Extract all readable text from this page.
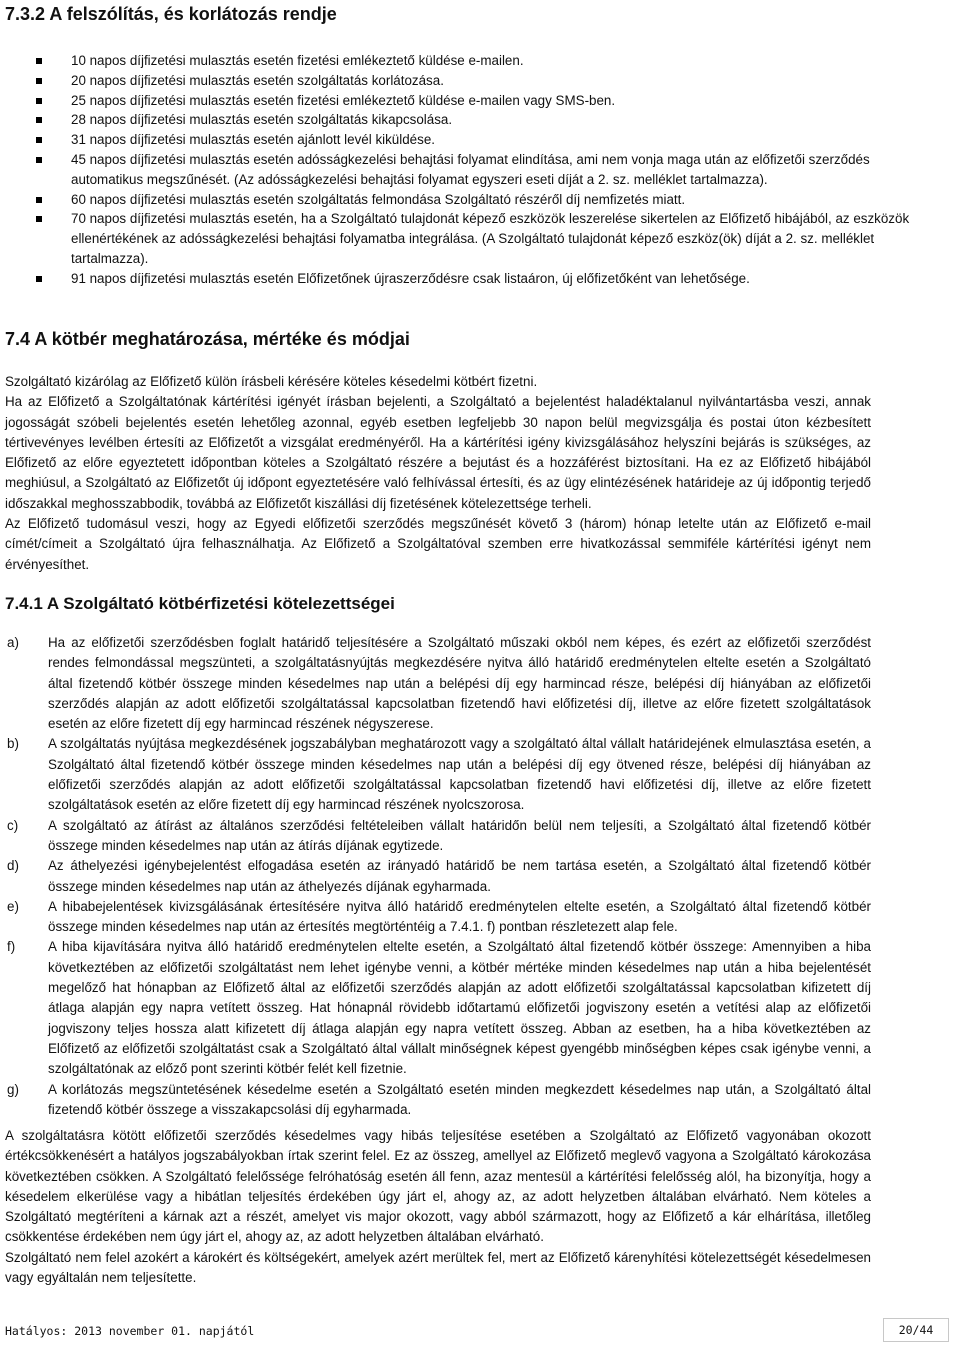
7.3.2 A felszólítás, és korlátozás rendje
10 napos díjfizetési mulasztás esetén fizetési emlékeztető küldése e-mailen.
20 napos díjfizetési mulasztás esetén szolgáltatás korlátozása.
25 napos díjfizetési mulasztás esetén fizetési emlékeztető küldése e-mailen vagy SMS-ben.
28 napos díjfizetési mulasztás esetén szolgáltatás kikapcsolása.
31 napos díjfizetési mulasztás esetén ajánlott levél kiküldése.
45 napos díjfizetési mulasztás esetén adósságkezelési behajtási folyamat elindítása, ami nem vonja maga után az előfizetői szerződés automatikus megszűnését. (Az adósságkezelési behajtási folyamat egyszeri eseti díját a 2. sz. melléklet tartalmazza).
60 napos díjfizetési mulasztás esetén szolgáltatás felmondása Szolgáltató részéről díj nemfizetés miatt.
70 napos díjfizetési mulasztás esetén, ha a Szolgáltató tulajdonát képező eszközök leszerelése sikertelen az Előfizető hibájából, az eszközök ellenértékének az adósságkezelési behajtási folyamatba integrálása. (A Szolgáltató tulajdonát képező eszköz(ök) díját a 2. sz. melléklet tartalmazza).
91 napos díjfizetési mulasztás esetén Előfizetőnek újraszerződésre csak listaáron, új előfizetőként van lehetősége.
7.4 A kötbér meghatározása, mértéke és módjai

Szolgáltató kizárólag az Előfizető külön írásbeli kérésére köteles késedelmi kötbért fizetni.

Ha az Előfizető a Szolgáltatónak kártérítési igényét írásban bejelenti, a Szolgáltató a bejelentést haladéktalanul nyilvántartásba veszi, annak jogosságát szóbeli bejelentés esetén lehetőleg azonnal, egyéb esetben legfeljebb 30 napon belül megvizsgálja és postai úton kézbesített tértivevényes levélben értesíti az Előfizetőt a vizsgálat eredményéről. Ha a kártérítési igény kivizsgálásához helyszíni bejárás is szükséges, az Előfizető az előre egyeztetett időpontban köteles a Szolgáltató részére a bejutást és a hozzáférést biztosítani. Ha ez az Előfizető hibájából meghiúsul, a Szolgáltató az Előfizetőt új időpont egyeztetésére való felhívással értesíti, és az ügy elintézésének határideje az új időpontig terjedő időszakkal meghosszabbodik, továbbá az Előfizetőt kiszállási díj fizetésének kötelezettsége terheli.

Az Előfizető tudomásul veszi, hogy az Egyedi előfizetői szerződés megszűnését követő 3 (három) hónap letelte után az Előfizető e-mail címét/címeit a Szolgáltató újra felhasználhatja. Az Előfizető a Szolgáltatóval szemben erre hivatkozással semmiféle kártérítési igényt nem érvényesíthet.

7.4.1 A Szolgáltató kötbérfizetési kötelezettségei
a) Ha az előfizetői szerződésben foglalt határidő teljesítésére a Szolgáltató műszaki okból nem képes, és ezért az előfizetői szerződést rendes felmondással megszünteti, a szolgáltatásnyújtás megkezdésére nyitva álló határidő eredménytelen eltelte esetén a Szolgáltató által fizetendő kötbér összege minden késedelmes nap után a belépési díj egy harmincad része, belépési díj hiányában az előfizetői szerződés alapján az adott előfizetői szolgáltatással kapcsolatban fizetendő havi előfizetési díj, illetve az előre fizetett szolgáltatások esetén az előre fizetett díj egy harmincad részének négyszerese.
b) A szolgáltatás nyújtása megkezdésének jogszabályban meghatározott vagy a szolgáltató által vállalt határidejének elmulasztása esetén, a Szolgáltató által fizetendő kötbér összege minden késedelmes nap után a belépési díj egy ötvened része, belépési díj hiányában az előfizetői szerződés alapján az adott előfizetői szolgáltatással kapcsolatban fizetendő havi előfizetési díj, illetve az előre fizetett szolgáltatások esetén az előre fizetett díj egy harmincad részének nyolcszorosa.
c) A szolgáltató az átírást az általános szerződési feltételeiben vállalt határidőn belül nem teljesíti, a Szolgáltató által fizetendő kötbér összege minden késedelmes nap után az átírás díjának egytizede.
d) Az áthelyezési igénybejelentést elfogadása esetén az irányadó határidő be nem tartása esetén, a Szolgáltató által fizetendő kötbér összege minden késedelmes nap után az áthelyezés díjának egyharmada.
e) A hibabejelentések kivizsgálásának értesítésére nyitva álló határidő eredménytelen eltelte esetén, a Szolgáltató által fizetendő kötbér összege minden késedelmes nap után az értesítés megtörténtéig a 7.4.1. f) pontban részletezett alap fele.
f) A hiba kijavítására nyitva álló határidő eredménytelen eltelte esetén, a Szolgáltató által fizetendő kötbér összege: Amennyiben a hiba következtében az előfizetői szolgáltatást nem lehet igénybe venni, a kötbér mértéke minden késedelmes nap után a hiba bejelentését megelőző hat hónapban az Előfizető által az előfizetői szerződés alapján az adott előfizetői szolgáltatással kapcsolatban kifizetett díj átlaga alapján egy napra vetített összeg. Hat hónapnál rövidebb időtartamú előfizetői jogviszony esetén a vetítési alap az előfizetői jogviszony teljes hossza alatt kifizetett díj átlaga alapján egy napra vetített összeg. Abban az esetben, ha a hiba következtében az Előfizető az előfizetői szolgáltatást csak a Szolgáltató által vállalt minőségnek képest gyengébb minőségben képes csak igénybe venni, a szolgáltatónak az előző pont szerinti kötbér felét kell fizetnie.
g) A korlátozás megszüntetésének késedelme esetén a Szolgáltató esetén minden megkezdett késedelmes nap után, a Szolgáltató által fizetendő kötbér összege a visszakapcsolási díj egyharmada.

A szolgáltatásra kötött előfizetői szerződés késedelmes vagy hibás teljesítése esetében a Szolgáltató az Előfizető vagyonában okozott értékcsökkenésért a hatályos jogszabályokban írtak szerint felel. Ez az összeg, amellyel az Előfizető meglevő vagyona a Szolgáltató károkozása következtében csökken. A Szolgáltató felelőssége felróhatóság esetén áll fenn, azaz mentesül a kártérítési felelősség alól, ha bizonyítja, hogy a késedelem elkerülése vagy a hibátlan teljesítés érdekében úgy járt el, ahogy az, az adott helyzetben általában elvárható. Nem köteles a Szolgáltató megtéríteni a kárnak azt a részét, amelyet vis major okozott, vagy abból származott, hogy az Előfizető a kár elhárítása, illetőleg csökkentése érdekében nem úgy járt el, ahogy az, az adott helyzetben általában elvárható.

Szolgáltató nem felel azokért a károkért és költségekért, amelyek azért merültek fel, mert az Előfizető kárenyhítési kötelezettségét késedelmesen vagy egyáltalán nem teljesítette.

Hatályos: 2013 november 01. napjától	20/44
